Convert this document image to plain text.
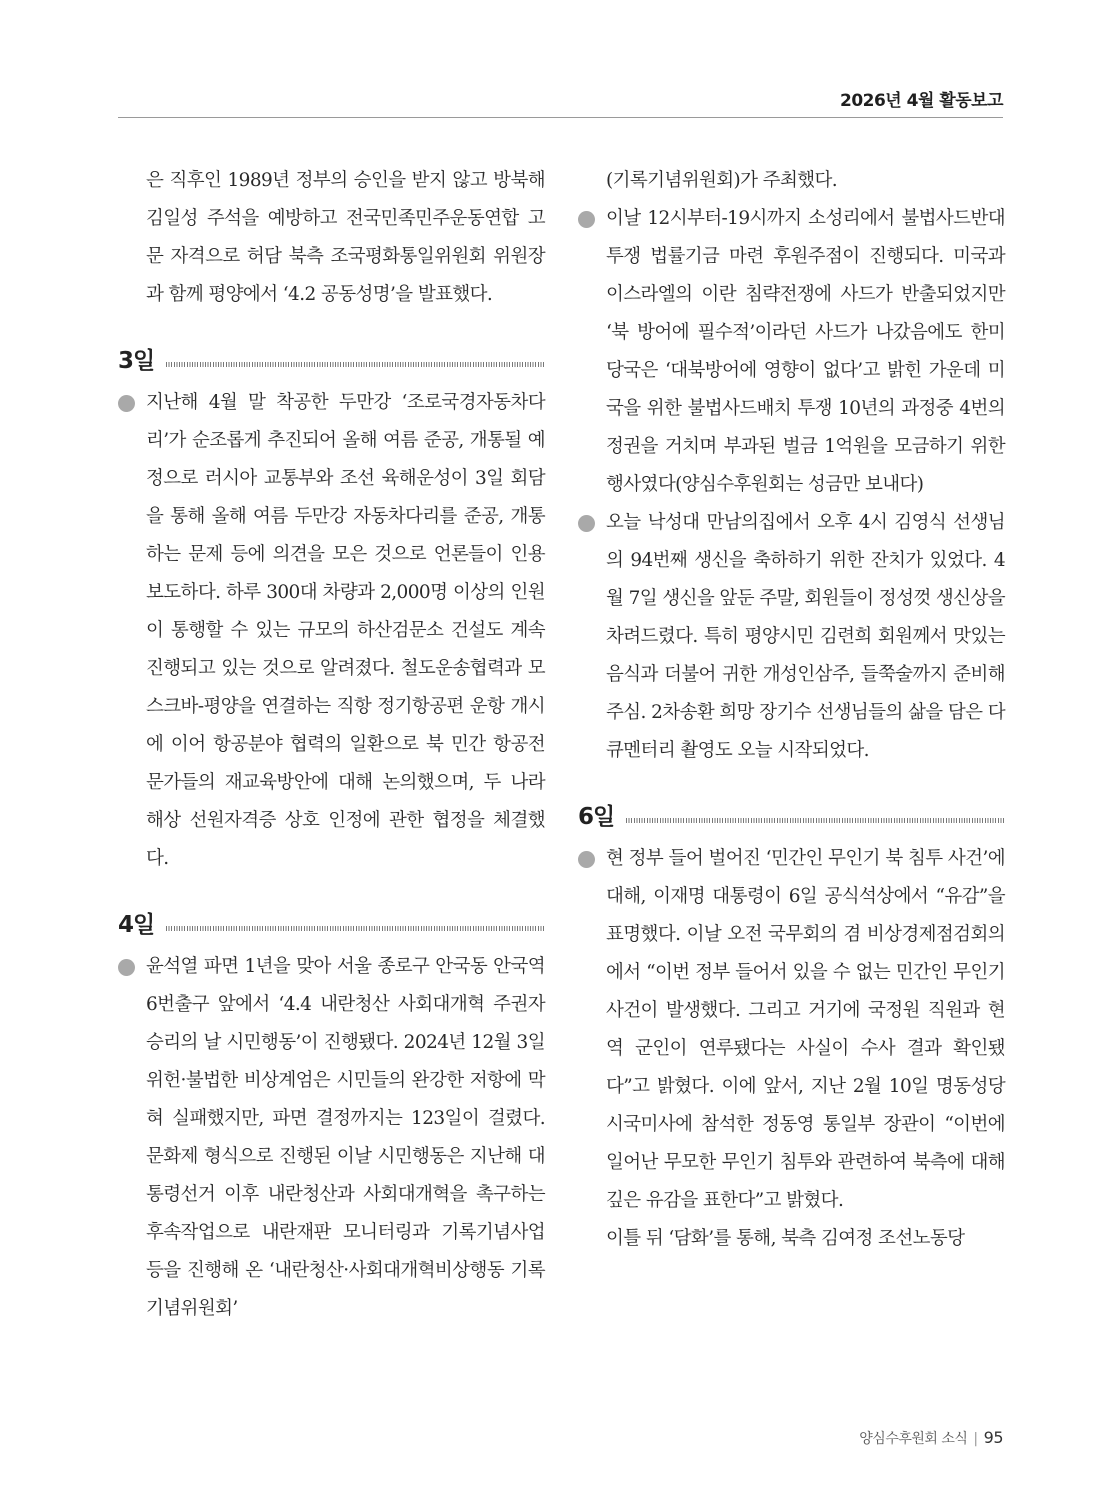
2026년 4월 활동보고
은 직후인 1989년 정부의 승인을 받지 않고 방북해 김일성 주석을 예방하고 전국민족민주운동연합 고문 자격으로 허담 북측 조국평화통일위원회 위원장과 함께 평양에서 ‘4.2 공동성명’을 발표했다.
3일
지난해 4월 말 착공한 두만강 ‘조로국경자동차다리’가 순조롭게 추진되어 올해 여름 준공, 개통될 예정으로 러시아 교통부와 조선 육해운성이 3일 회담을 통해 올해 여름 두만강 자동차다리를 준공, 개통하는 문제 등에 의견을 모은 것으로 언론들이 인용 보도하다. 하루 300대 차량과 2,000명 이상의 인원이 통행할 수 있는 규모의 하산검문소 건설도 계속 진행되고 있는 것으로 알려졌다. 철도운송협력과 모스크바-평양을 연결하는 직항 정기항공편 운항 개시에 이어 항공분야 협력의 일환으로 북 민간 항공전문가들의 재교육방안에 대해 논의했으며, 두 나라 해상 선원자격증 상호 인정에 관한 협정을 체결했다.
4일
윤석열 파면 1년을 맞아 서울 종로구 안국동 안국역 6번출구 앞에서 ‘4.4 내란청산 사회대개혁 주권자 승리의 날 시민행동’이 진행됐다. 2024년 12월 3일 위헌·불법한 비상계엄은 시민들의 완강한 저항에 막혀 실패했지만, 파면 결정까지는 123일이 걸렸다. 문화제 형식으로 진행된 이날 시민행동은 지난해 대통령선거 이후 내란청산과 사회대개혁을 촉구하는 후속작업으로 내란재판 모니터링과 기록기념사업 등을 진행해 온 ‘내란청산·사회대개혁비상행동 기록기념위원회’
(기록기념위원회)가 주최했다.
이날 12시부터-19시까지 소성리에서 불법사드반대투쟁 법률기금 마련 후원주점이 진행되다. 미국과 이스라엘의 이란 침략전쟁에 사드가 반출되었지만 ‘북 방어에 필수적’이라던 사드가 나갔음에도 한미 당국은 ‘대북방어에 영향이 없다’고 밝힌 가운데 미국을 위한 불법사드배치 투쟁 10년의 과정중 4번의 정권을 거치며 부과된 벌금 1억원을 모금하기 위한 행사였다(양심수후원회는 성금만 보내다)
오늘 낙성대 만남의집에서 오후 4시 김영식 선생님의 94번째 생신을 축하하기 위한 잔치가 있었다. 4월 7일 생신을 앞둔 주말, 회원들이 정성껏 생신상을 차려드렸다. 특히 평양시민 김련희 회원께서 맛있는 음식과 더불어 귀한 개성인삼주, 들쭉술까지 준비해주심. 2차송환 희망 장기수 선생님들의 삶을 담은 다큐멘터리 촬영도 오늘 시작되었다.
6일
현 정부 들어 벌어진 ‘민간인 무인기 북 침투 사건’에 대해, 이재명 대통령이 6일 공식석상에서 “유감”을 표명했다. 이날 오전 국무회의 겸 비상경제점검회의에서 “이번 정부 들어서 있을 수 없는 민간인 무인기 사건이 발생했다. 그리고 거기에 국정원 직원과 현역 군인이 연루됐다는 사실이 수사 결과 확인됐다”고 밝혔다. 이에 앞서, 지난 2월 10일 명동성당 시국미사에 참석한 정동영 통일부 장관이 “이번에 일어난 무모한 무인기 침투와 관련하여 북측에 대해 깊은 유감을 표한다”고 밝혔다.
이틀 뒤 ‘담화’를 통해, 북측 김여정 조선노동당
양심수후원회 소식 | 95
